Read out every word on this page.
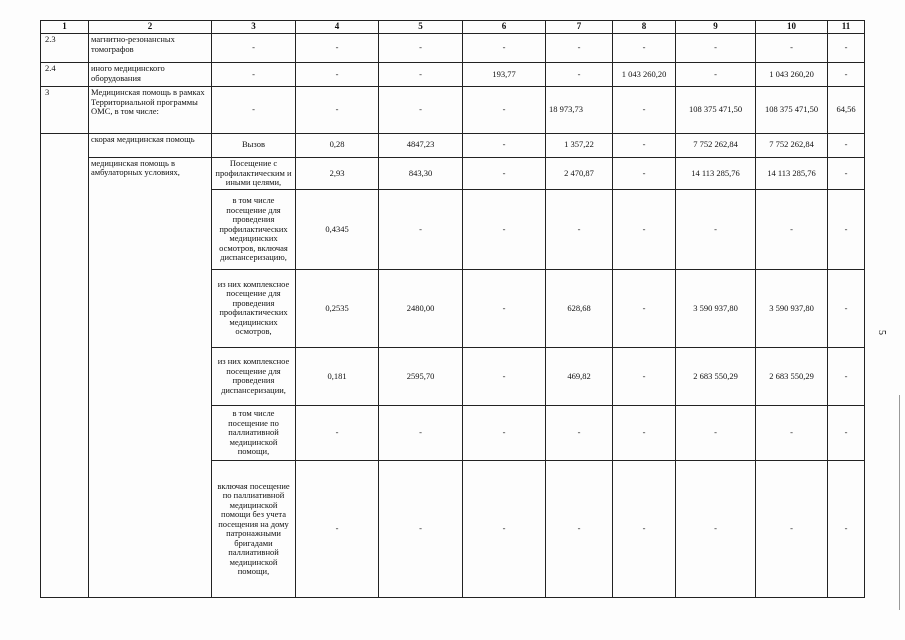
1	2	3	4	5	6	7	8	9	10	11
2.3	магнитно-резонансных томографов	-	-	-	-	-	-	-	-	-
2.4	иного медицинского оборудования	-	-	-	193,77	-	1 043 260,20	-	1 043 260,20	-
3	Медицинская помощь в рамках Территориальной программы ОМС, в том числе:	-	-	-	-	18 973,73	-	108 375 471,50	108 375 471,50	64,56
	скорая медицинская помощь	Вызов	0,28	4847,23	-	1 357,22	-	7 752 262,84	7 752 262,84	-
	медицинская помощь в амбулаторных условиях,	Посещение с профилактическим и иными целями,	2,93	843,30	-	2 470,87	-	14 113 285,76	14 113 285,76	-
		в том числе посещение для проведения профилактических медицинских осмотров, включая диспансеризацию,	0,4345	-	-	-	-	-	-	-
		из них комплексное посещение для проведения профилактических медицинских осмотров,	0,2535	2480,00	-	628,68	-	3 590 937,80	3 590 937,80	-
		из них комплексное посещение для проведения диспансеризации,	0,181	2595,70	-	469,82	-	2 683 550,29	2 683 550,29	-
		в том числе посещение по паллиативной медицинской помощи,	-	-	-	-	-	-	-	-
		включая посещение по паллиативной медицинской помощи без учета посещения на дому патронажными бригадами паллиативной медицинской помощи,	-	-	-	-	-	-	-	-
5
